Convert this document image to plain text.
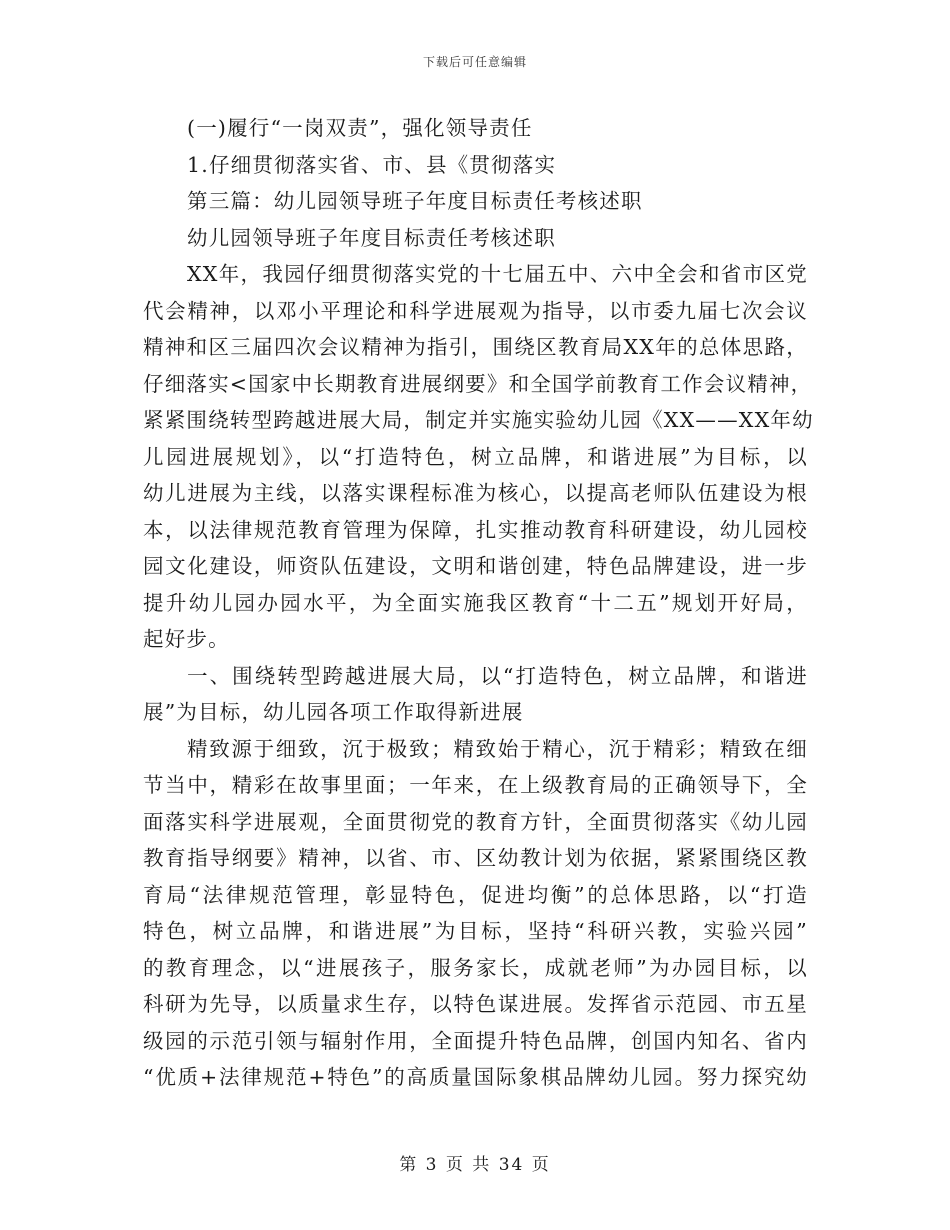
下载后可任意编辑
(一)履行“一岗双责”，强化领导责任
1.仔细贯彻落实省、市、县《贯彻落实
第三篇：幼儿园领导班子年度目标责任考核述职
幼儿园领导班子年度目标责任考核述职
XX年，我园仔细贯彻落实党的十七届五中、六中全会和省市区党
代会精神，以邓小平理论和科学进展观为指导，以市委九届七次会议
精神和区三届四次会议精神为指引，围绕区教育局XX年的总体思路，
仔细落实<国家中长期教育进展纲要》和全国学前教育工作会议精神，
紧紧围绕转型跨越进展大局，制定并实施实验幼儿园《XX——XX年幼
儿园进展规划》，以“打造特色，树立品牌，和谐进展”为目标，以
幼儿进展为主线，以落实课程标准为核心，以提高老师队伍建设为根
本，以法律规范教育管理为保障，扎实推动教育科研建设，幼儿园校
园文化建设，师资队伍建设，文明和谐创建，特色品牌建设，进一步
提升幼儿园办园水平，为全面实施我区教育“十二五”规划开好局，
起好步。
一、围绕转型跨越进展大局，以“打造特色，树立品牌，和谐进
展”为目标，幼儿园各项工作取得新进展
精致源于细致，沉于极致；精致始于精心，沉于精彩；精致在细
节当中，精彩在故事里面；一年来，在上级教育局的正确领导下，全
面落实科学进展观，全面贯彻党的教育方针，全面贯彻落实《幼儿园
教育指导纲要》精神，以省、市、区幼教计划为依据，紧紧围绕区教
育局“法律规范管理，彰显特色，促进均衡”的总体思路，以“打造
特色，树立品牌，和谐进展”为目标，坚持“科研兴教，实验兴园”
的教育理念，以“进展孩子，服务家长，成就老师”为办园目标，以
科研为先导，以质量求生存，以特色谋进展。发挥省示范园、市五星
级园的示范引领与辐射作用，全面提升特色品牌，创国内知名、省内
“优质+法律规范+特色”的高质量国际象棋品牌幼儿园。努力探究幼
第 3 页 共 34 页
